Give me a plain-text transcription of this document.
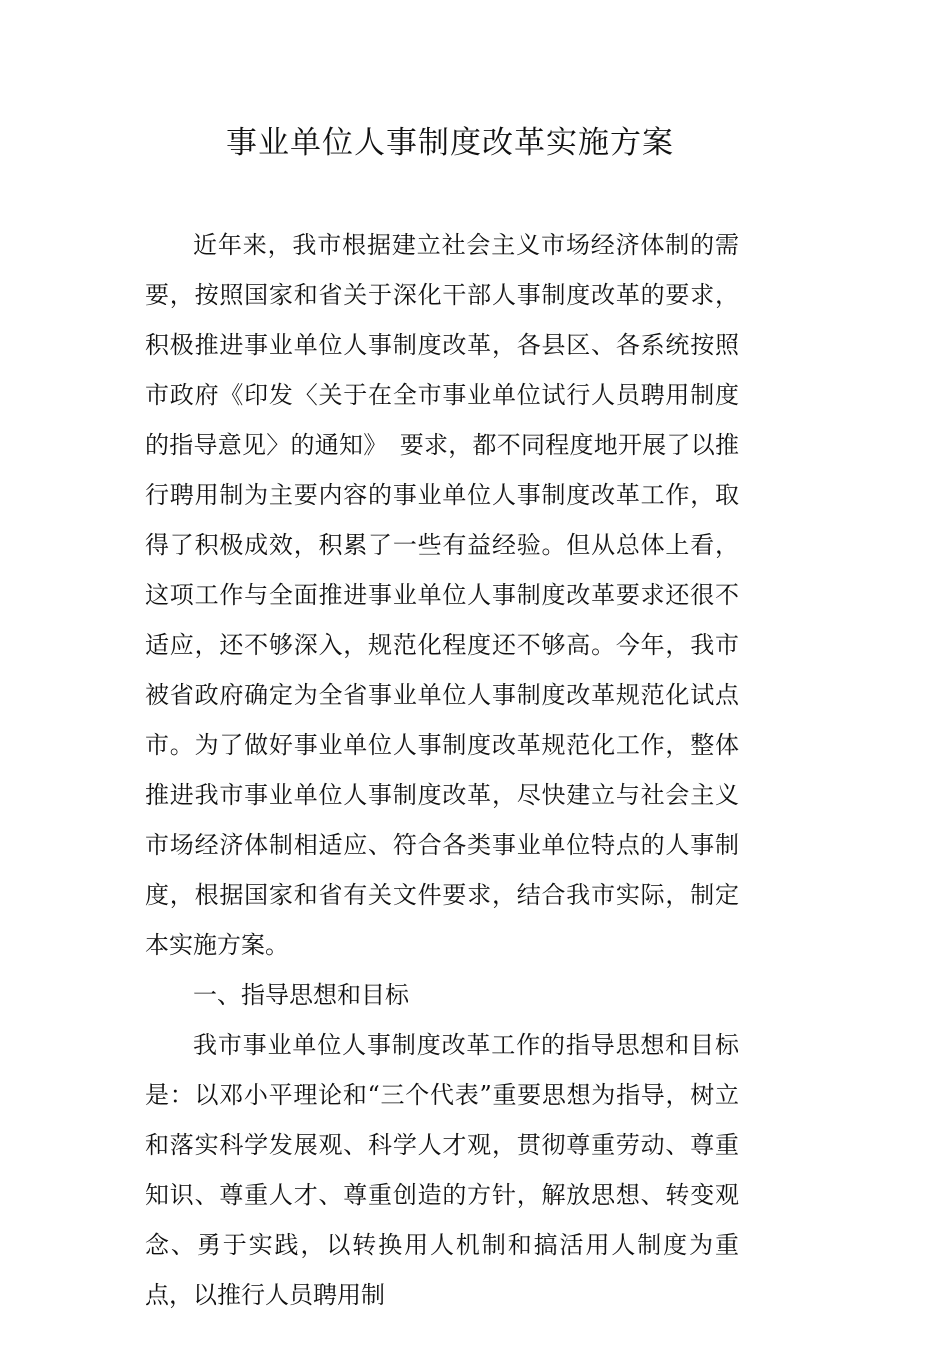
事业单位人事制度改革实施方案

近年来，我市根据建立社会主义市场经济体制的需要，按照国家和省关于深化干部人事制度改革的要求，积极推进事业单位人事制度改革，各县区、各系统按照市政府《印发〈关于在全市事业单位试行人员聘用制度的指导意见〉的通知》　要求，都不同程度地开展了以推行聘用制为主要内容的事业单位人事制度改革工作，取得了积极成效，积累了一些有益经验。但从总体上看，这项工作与全面推进事业单位人事制度改革要求还很不适应，还不够深入，规范化程度还不够高。今年，我市被省政府确定为全省事业单位人事制度改革规范化试点市。为了做好事业单位人事制度改革规范化工作，整体推进我市事业单位人事制度改革，尽快建立与社会主义市场经济体制相适应、符合各类事业单位特点的人事制度，根据国家和省有关文件要求，结合我市实际，制定本实施方案。

一、指导思想和目标

我市事业单位人事制度改革工作的指导思想和目标是：以邓小平理论和“三个代表”重要思想为指导，树立和落实科学发展观、科学人才观，贯彻尊重劳动、尊重知识、尊重人才、尊重创造的方针，解放思想、转变观念、勇于实践，以转换用人机制和搞活用人制度为重点，以推行人员聘用制
